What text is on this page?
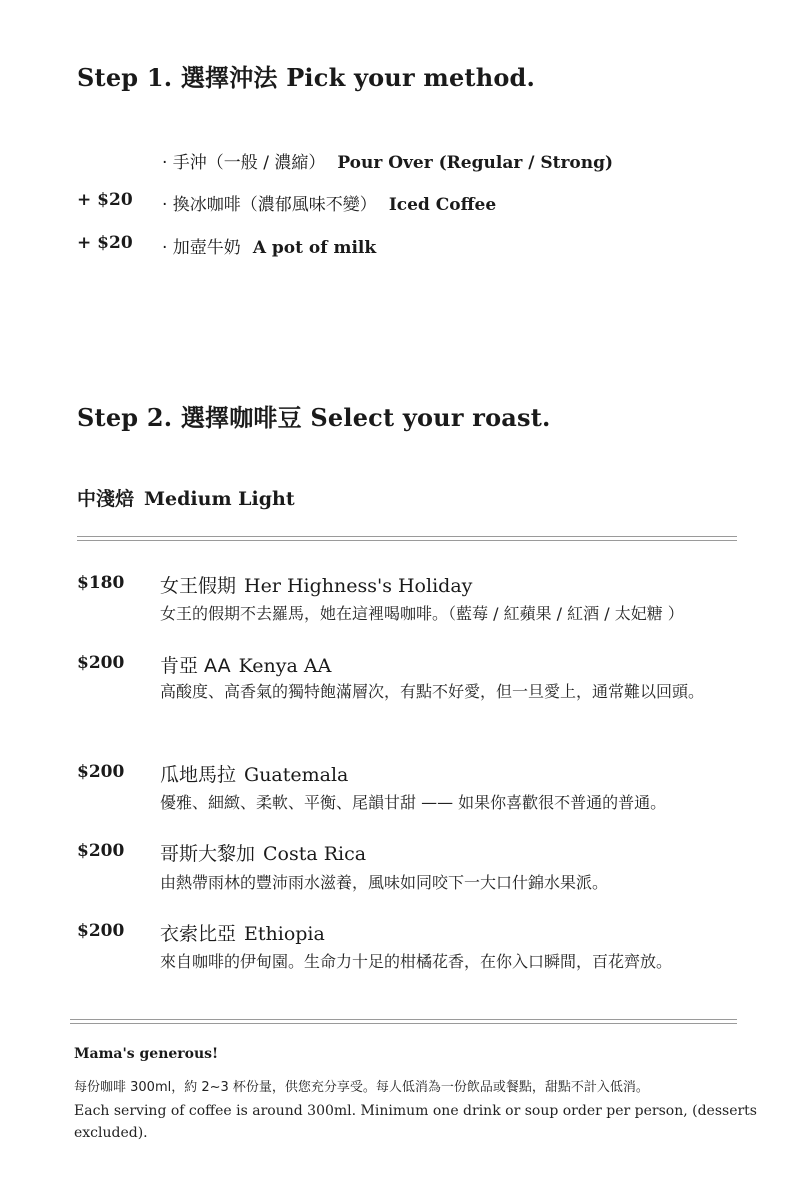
Step 1. 選擇沖法 Pick your method.
· 手沖（一般 / 濃縮） Pour Over (Regular / Strong)
+ $20 · 換冰咖啡（濃郁風味不變） Iced Coffee
+ $20 · 加壺牛奶 A pot of milk
Step 2. 選擇咖啡豆 Select your roast.
中淺焙 Medium Light
$180 女王假期 Her Highness's Holiday
女王的假期不去羅馬，她在這裡喝咖啡。（藍莓 / 紅蘋果 / 紅酒 / 太妃糖 ）
$200 肯亞 AA Kenya AA
高酸度、高香氣的獨特飽滿層次，有點不好愛，但一旦愛上，通常難以回頭。
$200 瓜地馬拉 Guatemala
優雅、細緻、柔軟、平衡、尾韻甘甜 —— 如果你喜歡很不普通的普通。
$200 哥斯大黎加 Costa Rica
由熱帶雨林的豐沛雨水滋養，風味如同咬下一大口什錦水果派。
$200 衣索比亞 Ethiopia
來自咖啡的伊甸園。生命力十足的柑橘花香，在你入口瞬間，百花齊放。
Mama's generous!
每份咖啡 300ml，約 2~3 杯份量，供您充分享受。每人低消為一份飲品或餐點，甜點不計入低消。
Each serving of coffee is around 300ml. Minimum one drink or soup order per person, (desserts excluded).
